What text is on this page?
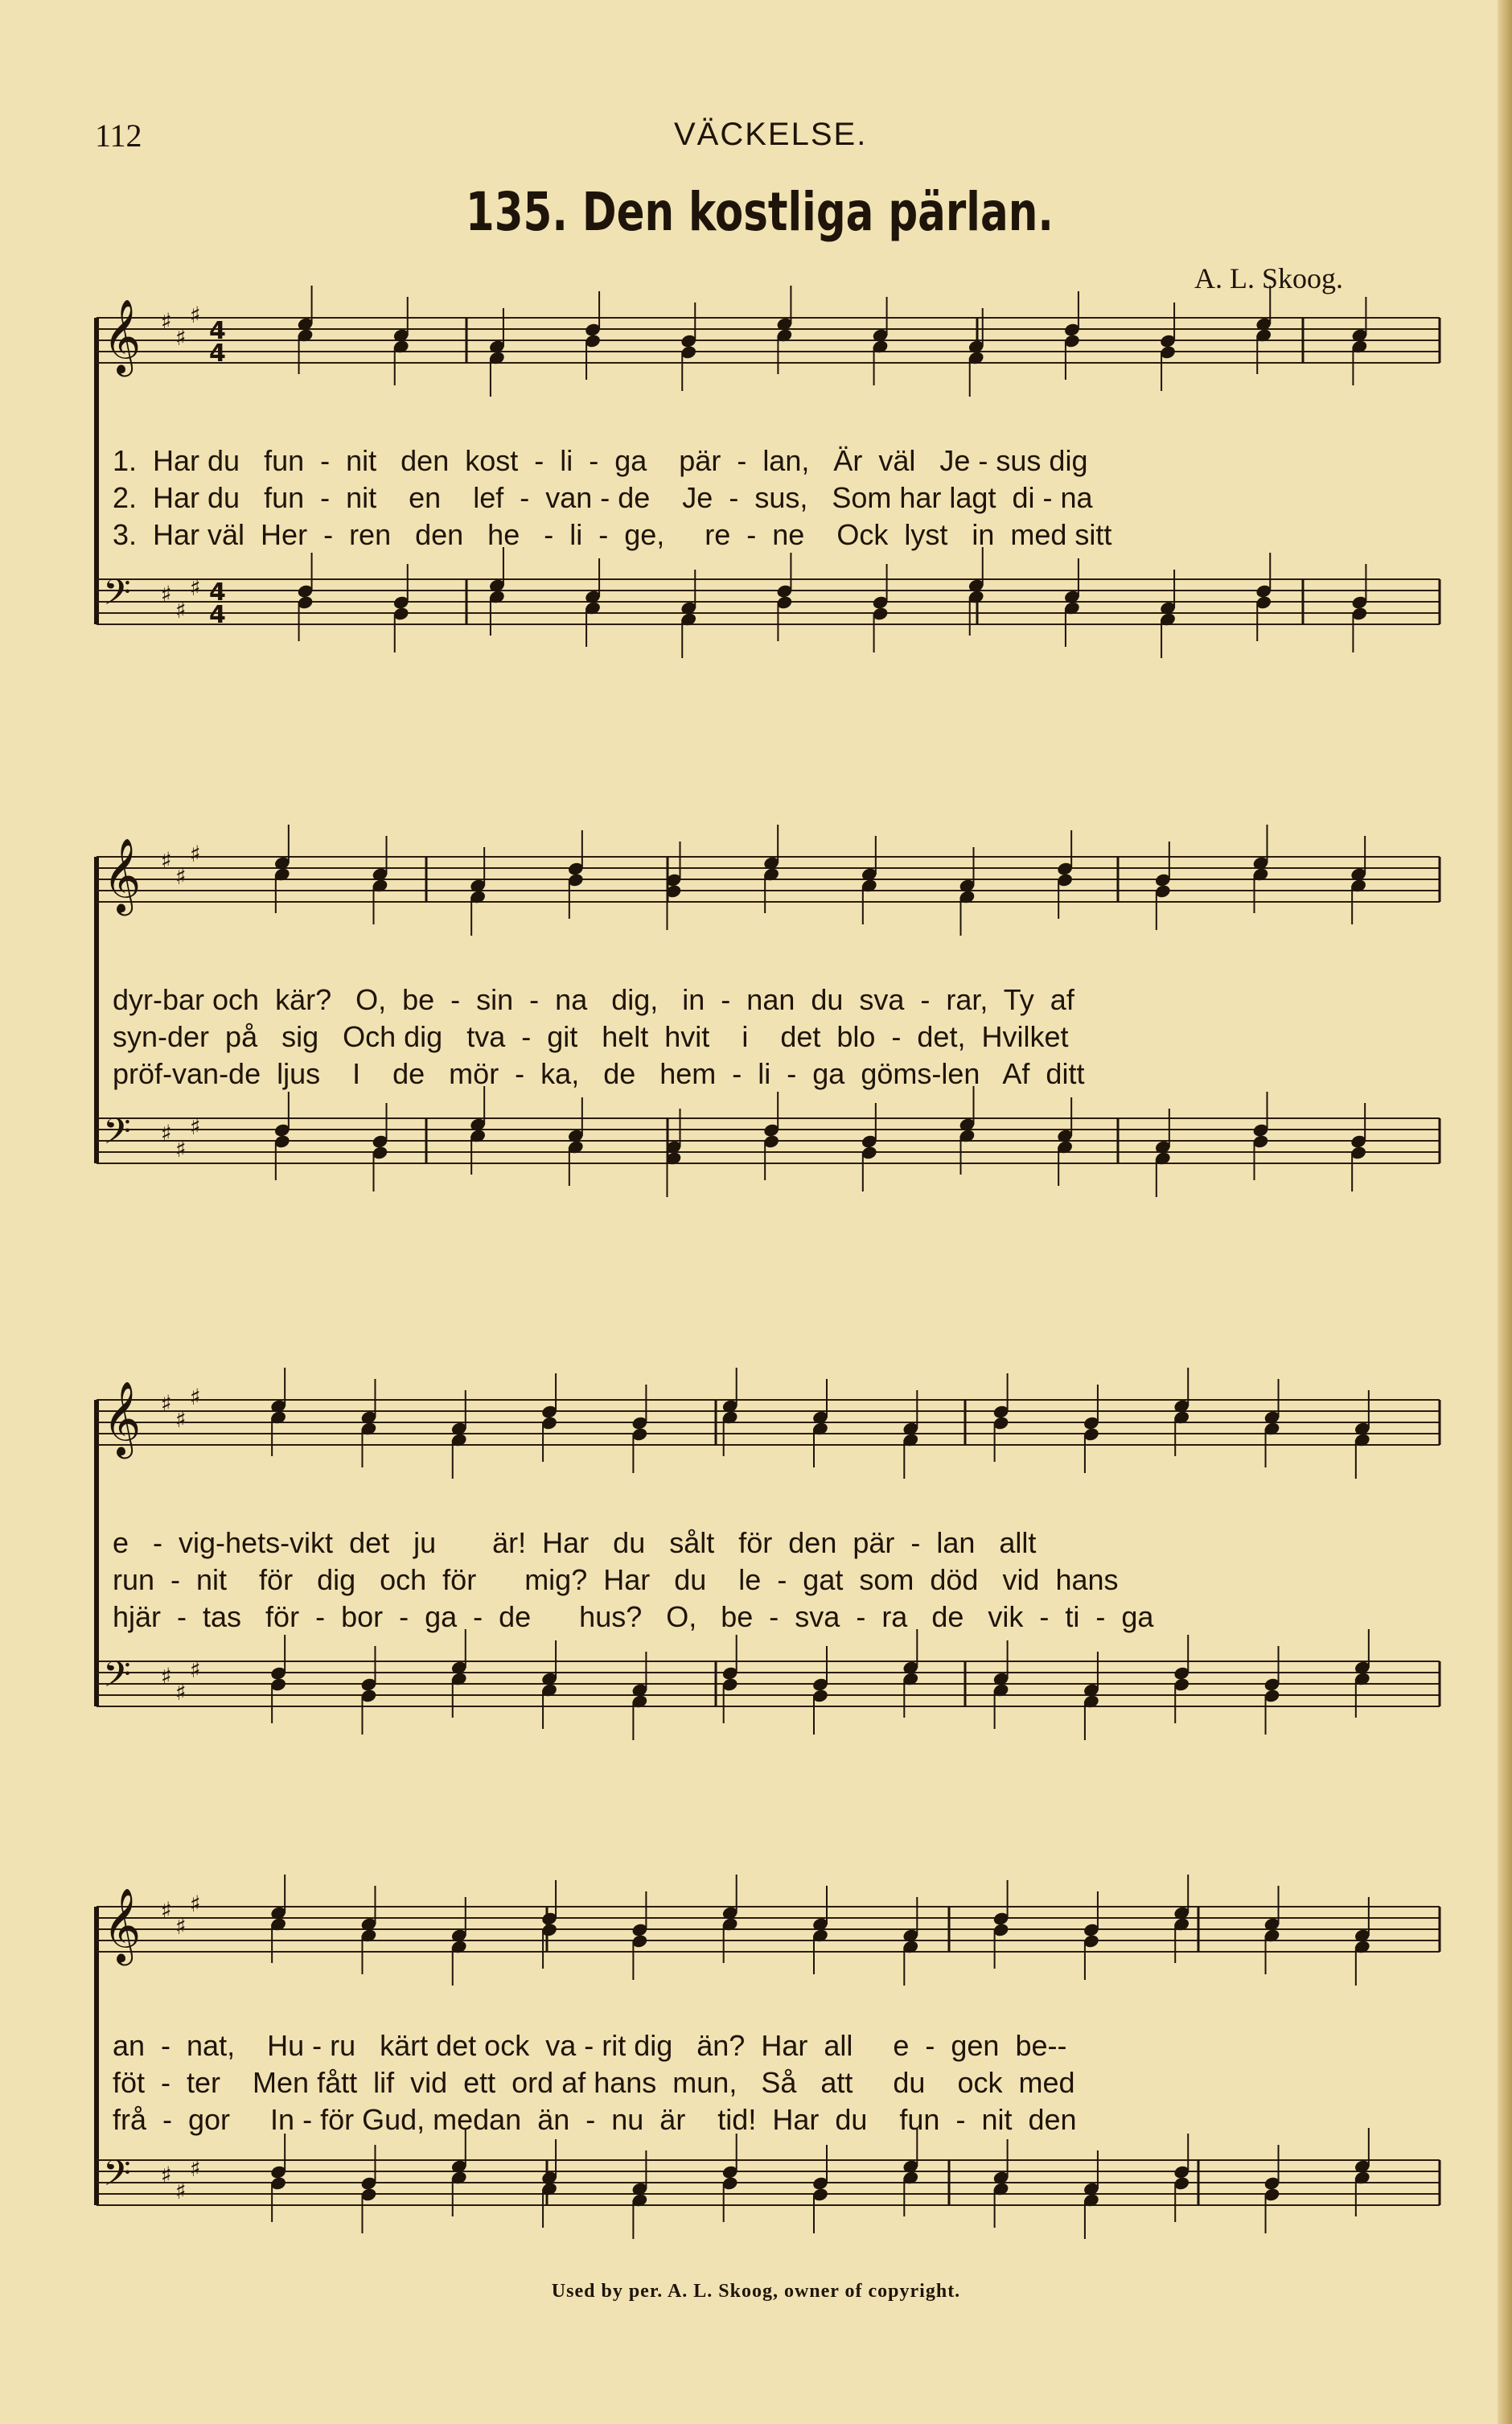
112	VÄCKELSE.
135. Den kostliga pärlan.
A. L. Skoog.
𝄞 ♯
♯
♯
4
4
𝄢 ♯
♯
♯ 4
4
1.  Har du   fun  -  nit   den  kost  -  li  -  ga    pär  -  lan,   Är  väl   Je - sus dig
2.  Har du   fun  -  nit    en    lef  -  van - de    Je  -  sus,   Som har lagt  di - na
3.  Har väl  Her  -  ren   den   he   -  li  -  ge,     re  -  ne    Ock  lyst   in  med sitt
𝄞 ♯
♯
♯
𝄢 ♯
♯
♯
dyr-bar och  kär?   O,  be  -  sin  -  na   dig,   in  -  nan  du  sva  -  rar,  Ty  af
syn-der  på   sig   Och dig   tva  -  git   helt  hvit    i    det  blo  -  det,  Hvilket
pröf-van-de  ljus    I    de   mör  -  ka,   de   hem  -  li  -  ga  göms-len   Af  ditt
𝄞 ♯
♯
♯
𝄢 ♯
♯
♯
e   -  vig-hets-vikt  det   ju       är!  Har   du   sålt   för  den  pär  -  lan   allt
run  -  nit    för   dig   och  för      mig?  Har   du    le  -  gat  som  död   vid  hans
hjär  -  tas   för  -  bor  -  ga  -  de      hus?   O,   be  -  sva  -  ra   de   vik  -  ti  -  ga
𝄞 ♯
♯
♯
𝄢 ♯
♯
♯
an  -  nat,    Hu - ru   kärt det ock  va - rit dig   än?  Har  all     e  -  gen  be--
föt  -  ter    Men fått  lif  vid  ett  ord af hans  mun,   Så   att     du    ock  med
frå  -  gor     In - för Gud, medan  än  -  nu  är    tid!  Har  du    fun  -  nit  den
Used by per. A. L. Skoog, owner of copyright.
